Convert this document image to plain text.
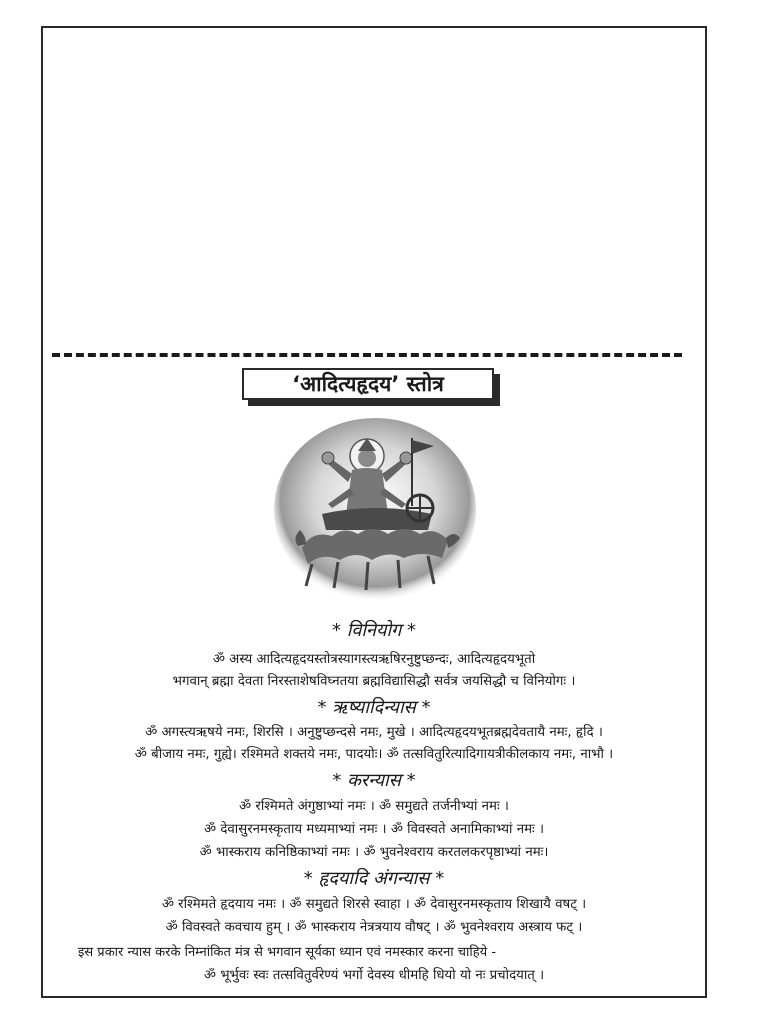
‘आदित्यहृदय’ स्तोत्र
* विनियोग *
ॐ अस्य आदित्यहृदयस्तोत्रस्यागस्त्यऋषिरनुष्टुप्छन्दः, आदित्यहृदयभूतो
भगवान् ब्रह्मा देवता निरस्ताशेषविघ्नतया ब्रह्मविद्यासिद्धौ सर्वत्र जयसिद्धौ च विनियोगः ।
* ऋष्यादिन्यास *
ॐ अगस्त्यऋषये नमः, शिरसि । अनुष्टुप्छन्दसे नमः, मुखे । आदित्यहृदयभूतब्रह्मदेवतायै नमः, हृदि ।
ॐ बीजाय नमः, गुह्ये। रश्मिमते शक्तये नमः, पादयोः। ॐ तत्सवितुरित्यादिगायत्रीकीलकाय नमः, नाभौ ।
* करन्यास *
ॐ रश्मिमते अंगुष्ठाभ्यां नमः । ॐ समुद्यते तर्जनीभ्यां नमः ।
ॐ देवासुरनमस्कृताय मध्यमाभ्यां नमः । ॐ विवस्वते अनामिकाभ्यां नमः ।
ॐ भास्कराय कनिष्ठिकाभ्यां नमः । ॐ भुवनेश्वराय करतलकरपृष्ठाभ्यां नमः।
* हृदयादि अंगन्यास *
ॐ रश्मिमते हृदयाय नमः । ॐ समुद्यते शिरसे स्वाहा । ॐ देवासुरनमस्कृताय शिखायै वषट् ।
ॐ विवस्वते कवचाय हुम् । ॐ भास्कराय नेत्रत्रयाय वौषट् । ॐ भुवनेश्वराय अस्त्राय फट् ।
इस प्रकार न्यास करके निम्नांकित मंत्र से भगवान सूर्यका ध्यान एवं नमस्कार करना चाहिये -
ॐ भूर्भुवः स्वः तत्सवितुर्वरेण्यं भर्गो देवस्य धीमहि धियो यो नः प्रचोदयात् ।
